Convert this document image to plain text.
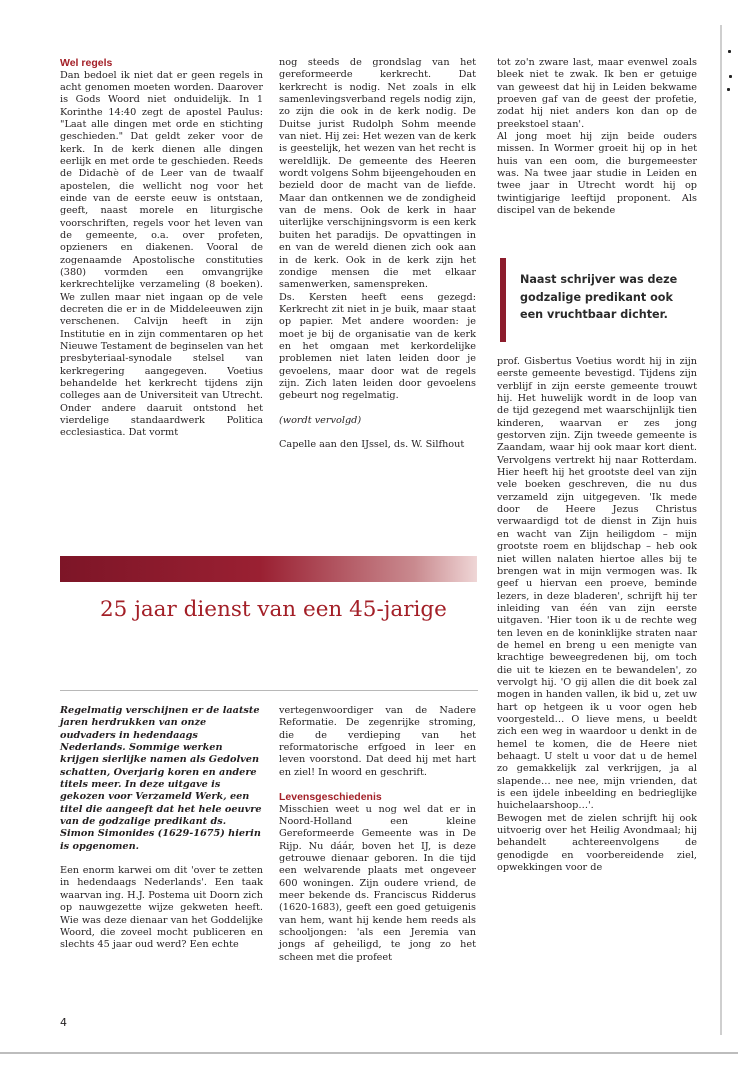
Wel regels

Dan bedoel ik niet dat er geen regels in acht genomen moeten worden. Daarover is Gods Woord niet onduidelijk. In 1 Korinthe 14:40 zegt de apostel Paulus: "Laat alle dingen met orde en stichting geschieden." Dat geldt zeker voor de kerk. In de kerk dienen alle dingen eerlijk en met orde te geschieden. Reeds de Didachè of de Leer van de twaalf apostelen, die wellicht nog voor het einde van de eerste eeuw is ontstaan, geeft, naast morele en liturgische voorschriften, regels voor het leven van de gemeente, o.a. over profeten, opzieners en diakenen. Vooral de zogenaamde Apostolische constituties (380) vormden een omvangrijke kerkrechtelijke verzameling (8 boeken). We zullen maar niet ingaan op de vele decreten die er in de Middeleeuwen zijn verschenen. Calvijn heeft in zijn Institutie en in zijn commentaren op het Nieuwe Testament de beginselen van het presbyteriaal-synodale stelsel van kerkregering aangegeven. Voetius behandelde het kerkrecht tijdens zijn colleges aan de Universiteit van Utrecht. Onder andere daaruit ontstond het vierdelige standaardwerk Politica ecclesiastica. Dat vormt

nog steeds de grondslag van het gereformeerde kerkrecht. Dat kerkrecht is nodig. Net zoals in elk samenlevingsverband regels nodig zijn, zo zijn die ook in de kerk nodig. De Duitse jurist Rudolph Sohm meende van niet. Hij zei: Het wezen van de kerk is geestelijk, het wezen van het recht is wereldlijk. De gemeente des Heeren wordt volgens Sohm bijeengehouden en bezield door de macht van de liefde. Maar dan ontkennen we de zondigheid van de mens. Ook de kerk in haar uiterlijke verschijningsvorm is een kerk buiten het paradijs. De opvattingen in en van de wereld dienen zich ook aan in de kerk. Ook in de kerk zijn het zondige mensen die met elkaar samenwerken, samenspreken.

Ds. Kersten heeft eens gezegd: Kerkrecht zit niet in je buik, maar staat op papier. Met andere woorden: je moet je bij de organisatie van de kerk en het omgaan met kerkordelijke problemen niet laten leiden door je gevoelens, maar door wat de regels zijn. Zich laten leiden door gevoelens gebeurt nog regelmatig.

(wordt vervolgd)

Capelle aan den IJssel, ds. W. Silfhout

tot zo'n zware last, maar evenwel zoals bleek niet te zwak. Ik ben er getuige van geweest dat hij in Leiden bekwame proeven gaf van de geest der profetie, zodat hij niet anders kon dan op de preekstoel staan'.

Al jong moet hij zijn beide ouders missen. In Wormer groeit hij op in het huis van een oom, die burgemeester was. Na twee jaar studie in Leiden en twee jaar in Utrecht wordt hij op twintigjarige leeftijd proponent. Als discipel van de bekende

Naast schrijver was deze godzalige predikant ook een vruchtbaar dichter.

prof. Gisbertus Voetius wordt hij in zijn eerste gemeente bevestigd. Tijdens zijn verblijf in zijn eerste gemeente trouwt hij. Het huwelijk wordt in de loop van de tijd gezegend met waarschijnlijk tien kinderen, waarvan er zes jong gestorven zijn. Zijn tweede gemeente is Zaandam, waar hij ook maar kort dient. Vervolgens vertrekt hij naar Rotterdam. Hier heeft hij het grootste deel van zijn vele boeken geschreven, die nu dus verzameld zijn uitgegeven. 'Ik mede door de Heere Jezus Christus verwaardigd tot de dienst in Zijn huis en wacht van Zijn heiligdom – mijn grootste roem en blijdschap – heb ook niet willen nalaten hiertoe alles bij te brengen wat in mijn vermogen was. Ik geef u hiervan een proeve, beminde lezers, in deze bladeren', schrijft hij ter inleiding van één van zijn eerste uitgaven. 'Hier toon ik u de rechte weg ten leven en de koninklijke straten naar de hemel en breng u een menigte van krachtige beweegredenen bij, om toch die uit te kiezen en te bewandelen', zo vervolgt hij. 'O gij allen die dit boek zal mogen in handen vallen, ik bid u, zet uw hart op hetgeen ik u voor ogen heb voorgesteld… O lieve mens, u beeldt zich een weg in waardoor u denkt in de hemel te komen, die de Heere niet behaagt. U stelt u voor dat u de hemel zo gemakkelijk zal verkrijgen, ja al slapende… nee nee, mijn vrienden, dat is een ijdele inbeelding en bedrieglijke huichelaarshoop…'.

Bewogen met de zielen schrijft hij ook uitvoerig over het Heilig Avondmaal; hij behandelt achtereenvolgens de genodigde en voorbereidende ziel, opwekkingen voor de

25 jaar dienst van een 45-jarige

Regelmatig verschijnen er de laatste jaren herdrukken van onze oudvaders in hedendaags Nederlands. Sommige werken krijgen sierlijke namen als Gedolven schatten, Overjarig koren en andere titels meer. In deze uitgave is gekozen voor Verzameld Werk, een titel die aangeeft dat het hele oeuvre van de godzalige predikant ds. Simon Simonides (1629-1675) hierin is opgenomen.

Een enorm karwei om dit 'over te zetten in hedendaags Nederlands'. Een taak waarvan ing. H.J. Postema uit Doorn zich op nauwgezette wijze gekweten heeft. Wie was deze dienaar van het Goddelijke Woord, die zoveel mocht publiceren en slechts 45 jaar oud werd? Een echte

vertegenwoordiger van de Nadere Reformatie. De zegenrijke stroming, die de verdieping van het reformatorische erfgoed in leer en leven voorstond. Dat deed hij met hart en ziel! In woord en geschrift.

Levensgeschiedenis

Misschien weet u nog wel dat er in Noord-Holland een kleine Gereformeerde Gemeente was in De Rijp. Nu dáár, boven het IJ, is deze getrouwe dienaar geboren. In die tijd een welvarende plaats met ongeveer 600 woningen. Zijn oudere vriend, de meer bekende ds. Franciscus Ridderus (1620-1683), geeft een goed getuigenis van hem, want hij kende hem reeds als schooljongen: 'als een Jeremia van jongs af geheiligd, te jong zo het scheen met die profeet

4
